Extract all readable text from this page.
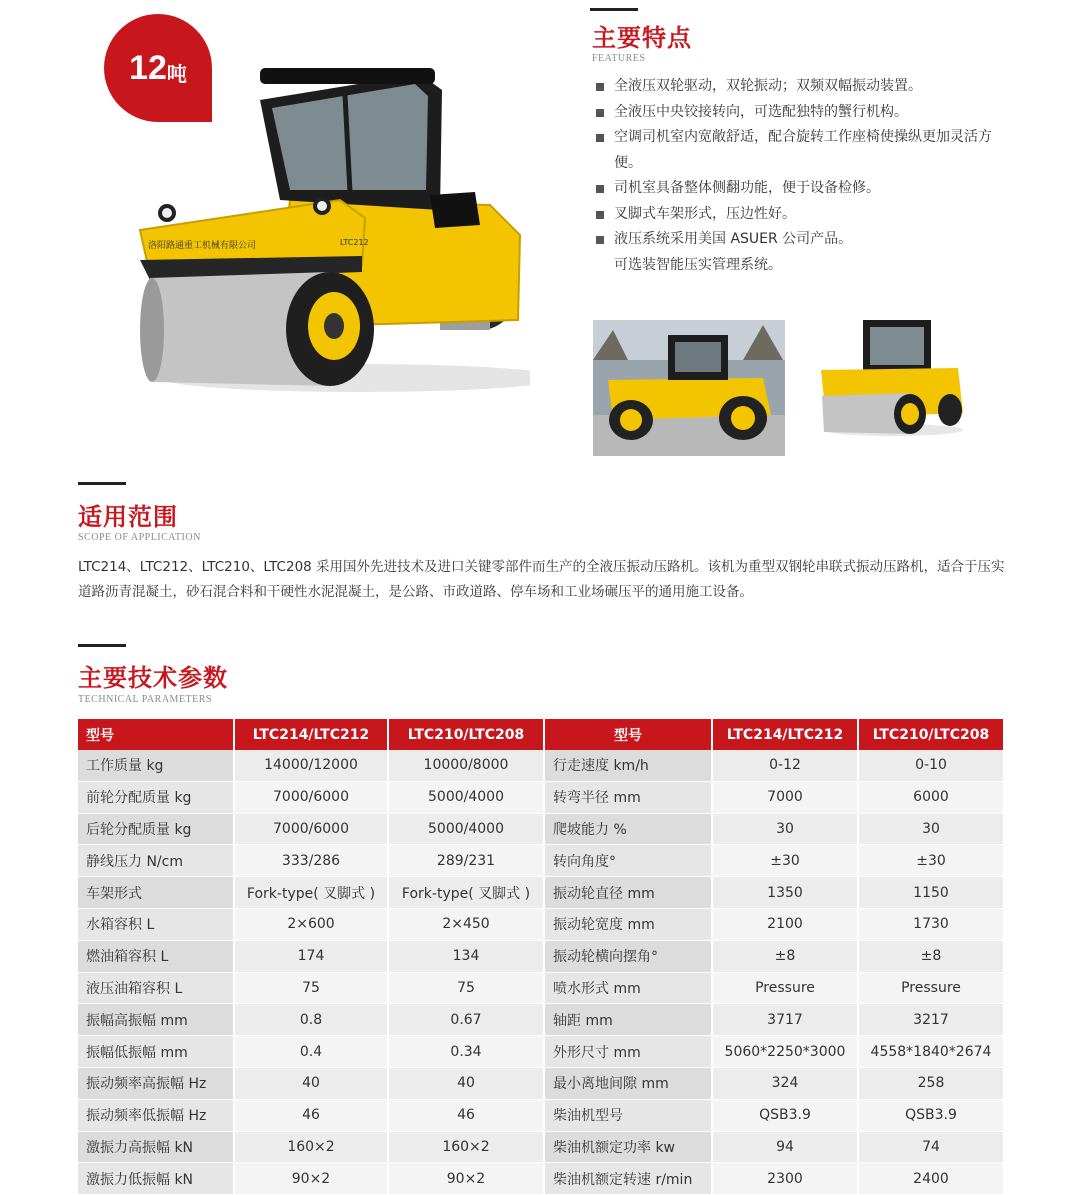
12 吨
洛阳路通重工机械有限公司	LTC212
主要特点
FEATURES
全液压双轮驱动，双轮振动；双频双幅振动装置。
全液压中央铰接转向，可选配独特的蟹行机构。
空调司机室内宽敞舒适，配合旋转工作座椅使操纵更加灵活方便。
司机室具备整体侧翻功能，便于设备检修。
叉脚式车架形式，压边性好。
液压系统采用美国 ASUER 公司产品。
可选装智能压实管理系统。
适用范围
SCOPE OF APPLICATION
LTC214、LTC212、LTC210、LTC208 采用国外先进技术及进口关键零部件而生产的全液压振动压路机。该机为重型双钢轮串联式振动压路机，适合于压实道路沥青混凝土，砂石混合料和干硬性水泥混凝土，是公路、市政道路、停车场和工业场碾压平的通用施工设备。
主要技术参数
TECHNICAL PARAMETERS
型号	LTC214/LTC212	LTC210/LTC208	型号	LTC214/LTC212	LTC210/LTC208
工作质量 kg	14000/12000	10000/8000	行走速度 km/h	0-12	0-10
前轮分配质量 kg	7000/6000	5000/4000	转弯半径 mm	7000	6000
后轮分配质量 kg	7000/6000	5000/4000	爬坡能力 %	30	30
静线压力 N/cm	333/286	289/231	转向角度°	±30	±30
车架形式	Fork-type( 叉脚式 )	Fork-type( 叉脚式 )	振动轮直径 mm	1350	1150
水箱容积 L	2×600	2×450	振动轮宽度 mm	2100	1730
燃油箱容积 L	174	134	振动轮横向摆角°	±8	±8
液压油箱容积 L	75	75	喷水形式 mm	Pressure	Pressure
振幅高振幅 mm	0.8	0.67	轴距 mm	3717	3217
振幅低振幅 mm	0.4	0.34	外形尺寸 mm	5060*2250*3000	4558*1840*2674
振动频率高振幅 Hz	40	40	最小离地间隙 mm	324	258
振动频率低振幅 Hz	46	46	柴油机型号	QSB3.9	QSB3.9
激振力高振幅 kN	160×2	160×2	柴油机额定功率 kw	94	74
激振力低振幅 kN	90×2	90×2	柴油机额定转速 r/min	2300	2400
